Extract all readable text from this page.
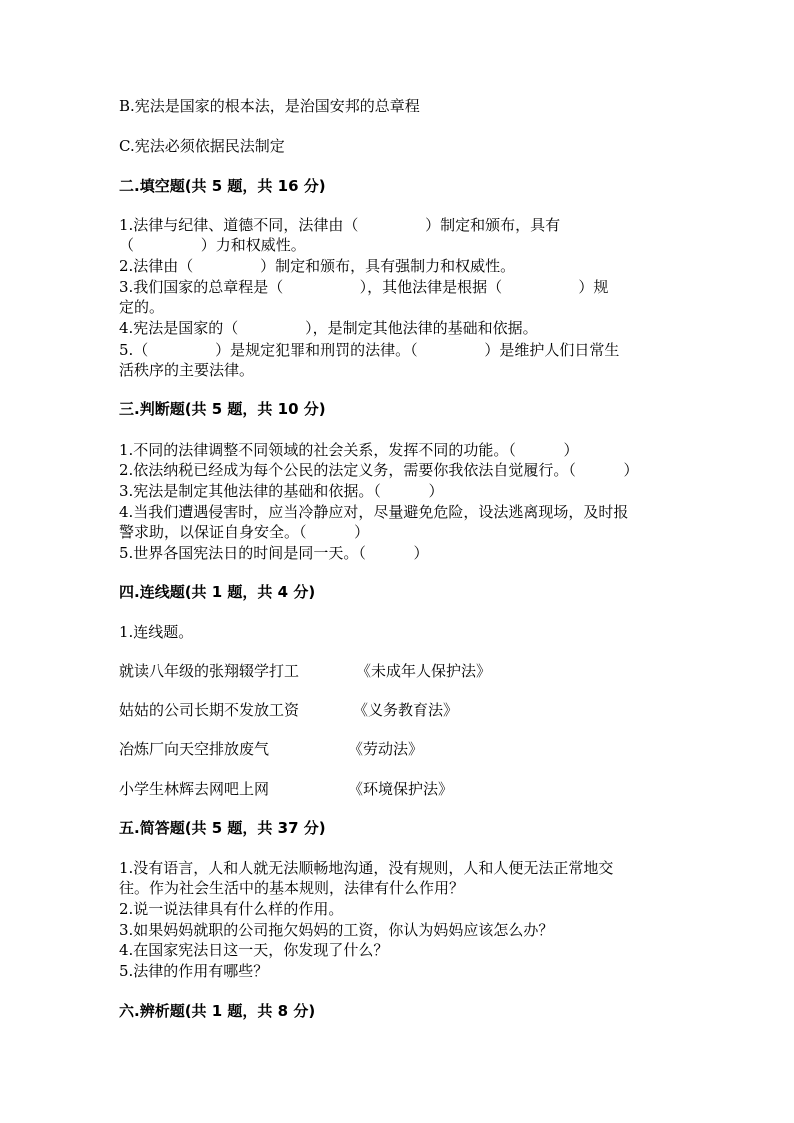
B.宪法是国家的根本法，是治国安邦的总章程
C.宪法必须依据民法制定
二.填空题(共 5 题，共 16 分)
1.法律与纪律、道德不同，法律由（              ）制定和颁布，具有
（              ）力和权威性。
2.法律由（              ）制定和颁布，具有强制力和权威性。
3.我们国家的总章程是（                ），其他法律是根据（                ）规
定的。
4.宪法是国家的（              ），是制定其他法律的基础和依据。
5.（              ）是规定犯罪和刑罚的法律。（              ）是维护人们日常生
活秩序的主要法律。
三.判断题(共 5 题，共 10 分)
1.不同的法律调整不同领域的社会关系，发挥不同的功能。（          ）
2.依法纳税已经成为每个公民的法定义务，需要你我依法自觉履行。（          ）
3.宪法是制定其他法律的基础和依据。（          ）
4.当我们遭遇侵害时，应当冷静应对，尽量避免危险，设法逃离现场，及时报
警求助，以保证自身安全。（          ）
5.世界各国宪法日的时间是同一天。（          ）
四.连线题(共 1 题，共 4 分)
1.连线题。
就读八年级的张翔辍学打工	《未成年人保护法》
姑姑的公司长期不发放工资	《义务教育法》
冶炼厂向天空排放废气	《劳动法》
小学生林辉去网吧上网	《环境保护法》
五.简答题(共 5 题，共 37 分)
1.没有语言，人和人就无法顺畅地沟通，没有规则，人和人便无法正常地交
往。作为社会生活中的基本规则，法律有什么作用？
2.说一说法律具有什么样的作用。
3.如果妈妈就职的公司拖欠妈妈的工资，你认为妈妈应该怎么办？
4.在国家宪法日这一天，你发现了什么？
5.法律的作用有哪些？
六.辨析题(共 1 题，共 8 分)
